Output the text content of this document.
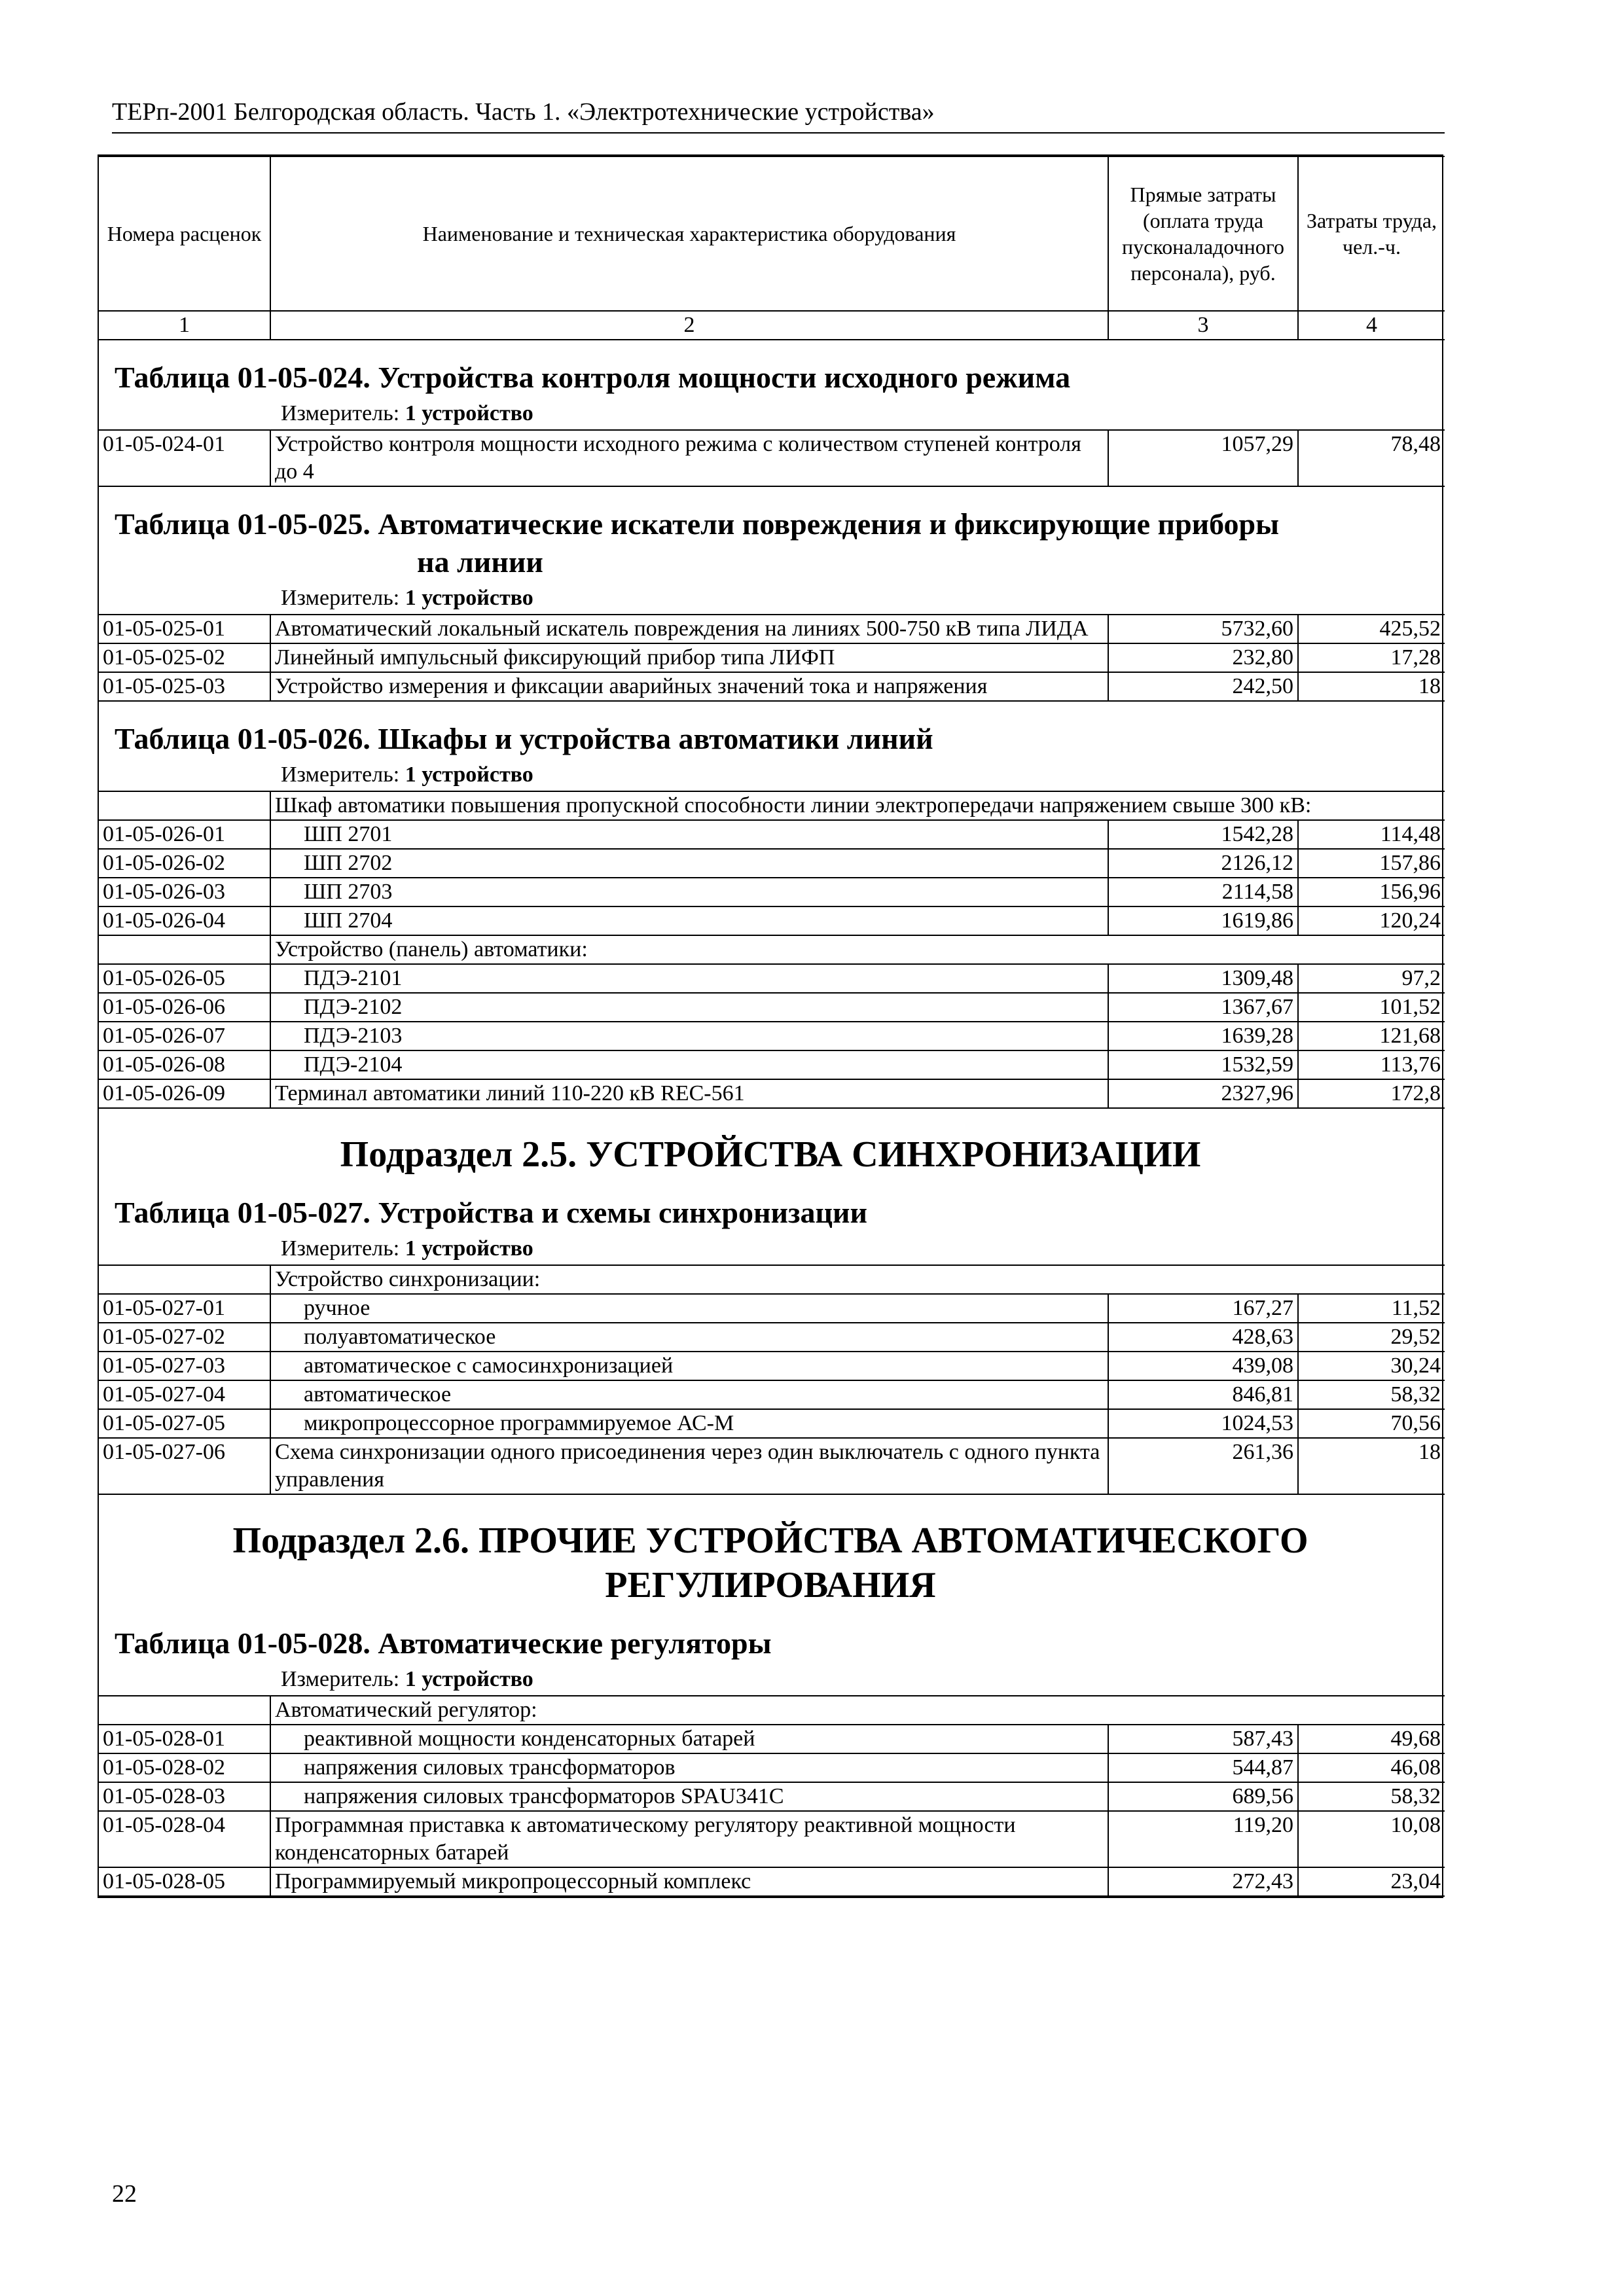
ТЕРп-2001 Белгородская область. Часть 1. «Электротехнические устройства»
Номера расценок	Наименование и техническая характеристика оборудования	Прямые затраты (оплата труда пусконаладочного персонала), руб.	Затраты труда, чел.-ч.
1	2	3	4
Таблица 01-05-024. Устройства контроля мощности исходного режима
Измеритель: 1 устройство
01-05-024-01	Устройство контроля мощности исходного режима с количеством ступеней контроля до 4	1057,29	78,48
Таблица 01-05-025. Автоматические искатели повреждения и фиксирующие приборы
на линии
Измеритель: 1 устройство
01-05-025-01	Автоматический локальный искатель повреждения на линиях 500-750 кВ типа ЛИДА	5732,60	425,52
01-05-025-02	Линейный импульсный фиксирующий прибор типа ЛИФП	232,80	17,28
01-05-025-03	Устройство измерения и фиксации аварийных значений тока и напряжения	242,50	18
Таблица 01-05-026. Шкафы и устройства автоматики линий
Измеритель: 1 устройство
	Шкаф автоматики повышения пропускной способности линии электропередачи напряжением свыше 300 кВ:		
01-05-026-01	ШП 2701	1542,28	114,48
01-05-026-02	ШП 2702	2126,12	157,86
01-05-026-03	ШП 2703	2114,58	156,96
01-05-026-04	ШП 2704	1619,86	120,24
	Устройство (панель) автоматики:		
01-05-026-05	ПДЭ-2101	1309,48	97,2
01-05-026-06	ПДЭ-2102	1367,67	101,52
01-05-026-07	ПДЭ-2103	1639,28	121,68
01-05-026-08	ПДЭ-2104	1532,59	113,76
01-05-026-09	Терминал автоматики линий 110-220 кВ REC-561	2327,96	172,8
Подраздел 2.5. УСТРОЙСТВА СИНХРОНИЗАЦИИ
Таблица 01-05-027. Устройства и схемы синхронизации
Измеритель: 1 устройство
	Устройство синхронизации:		
01-05-027-01	ручное	167,27	11,52
01-05-027-02	полуавтоматическое	428,63	29,52
01-05-027-03	автоматическое с самосинхронизацией	439,08	30,24
01-05-027-04	автоматическое	846,81	58,32
01-05-027-05	микропроцессорное программируемое АС-М	1024,53	70,56
01-05-027-06	Схема синхронизации одного присоединения через один выключатель с одного пункта управления	261,36	18
Подраздел 2.6. ПРОЧИЕ УСТРОЙСТВА АВТОМАТИЧЕСКОГО
РЕГУЛИРОВАНИЯ
Таблица 01-05-028. Автоматические регуляторы
Измеритель: 1 устройство
	Автоматический регулятор:		
01-05-028-01	реактивной мощности конденсаторных батарей	587,43	49,68
01-05-028-02	напряжения силовых трансформаторов	544,87	46,08
01-05-028-03	напряжения силовых трансформаторов SPAU341C	689,56	58,32
01-05-028-04	Программная приставка к автоматическому регулятору реактивной мощности конденсаторных батарей	119,20	10,08
01-05-028-05	Программируемый микропроцессорный комплекс	272,43	23,04
22
